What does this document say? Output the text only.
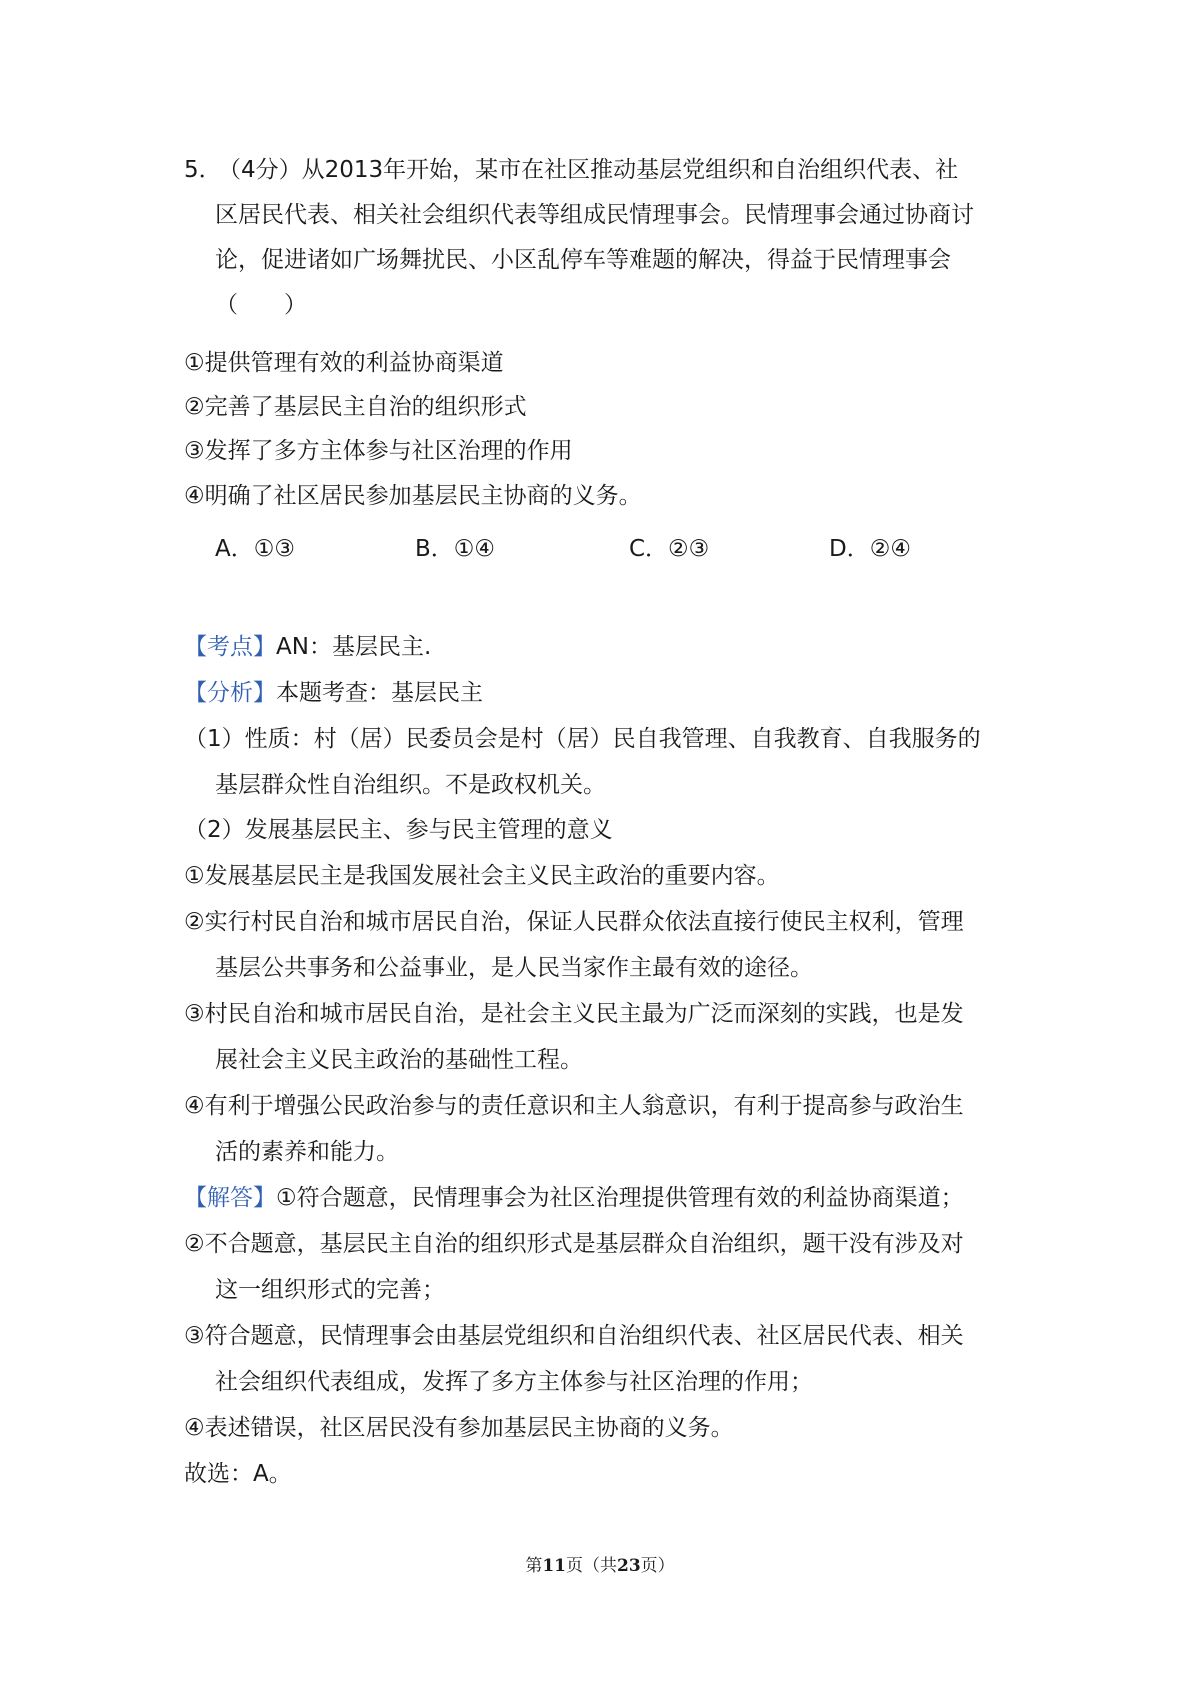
5．（4分）从2013年开始，某市在社区推动基层党组织和自治组织代表、社
区居民代表、相关社会组织代表等组成民情理事会。民情理事会通过协商讨
论，促进诸如广场舞扰民、小区乱停车等难题的解决，得益于民情理事会
（　　）
①提供管理有效的利益协商渠道
②完善了基层民主自治的组织形式
③发挥了多方主体参与社区治理的作用
④明确了社区居民参加基层民主协商的义务。
A．①③	B．①④	C．②③	D．②④
【考点】AN：基层民主.
【分析】本题考查：基层民主
（1）性质：村（居）民委员会是村（居）民自我管理、自我教育、自我服务的
基层群众性自治组织。不是政权机关。
（2）发展基层民主、参与民主管理的意义
①发展基层民主是我国发展社会主义民主政治的重要内容。
②实行村民自治和城市居民自治，保证人民群众依法直接行使民主权利，管理
基层公共事务和公益事业，是人民当家作主最有效的途径。
③村民自治和城市居民自治，是社会主义民主最为广泛而深刻的实践，也是发
展社会主义民主政治的基础性工程。
④有利于增强公民政治参与的责任意识和主人翁意识，有利于提高参与政治生
活的素养和能力。
【解答】①符合题意，民情理事会为社区治理提供管理有效的利益协商渠道；
②不合题意，基层民主自治的组织形式是基层群众自治组织，题干没有涉及对
这一组织形式的完善；
③符合题意，民情理事会由基层党组织和自治组织代表、社区居民代表、相关
社会组织代表组成，发挥了多方主体参与社区治理的作用；
④表述错误，社区居民没有参加基层民主协商的义务。
故选：A。
第11页（共23页）
